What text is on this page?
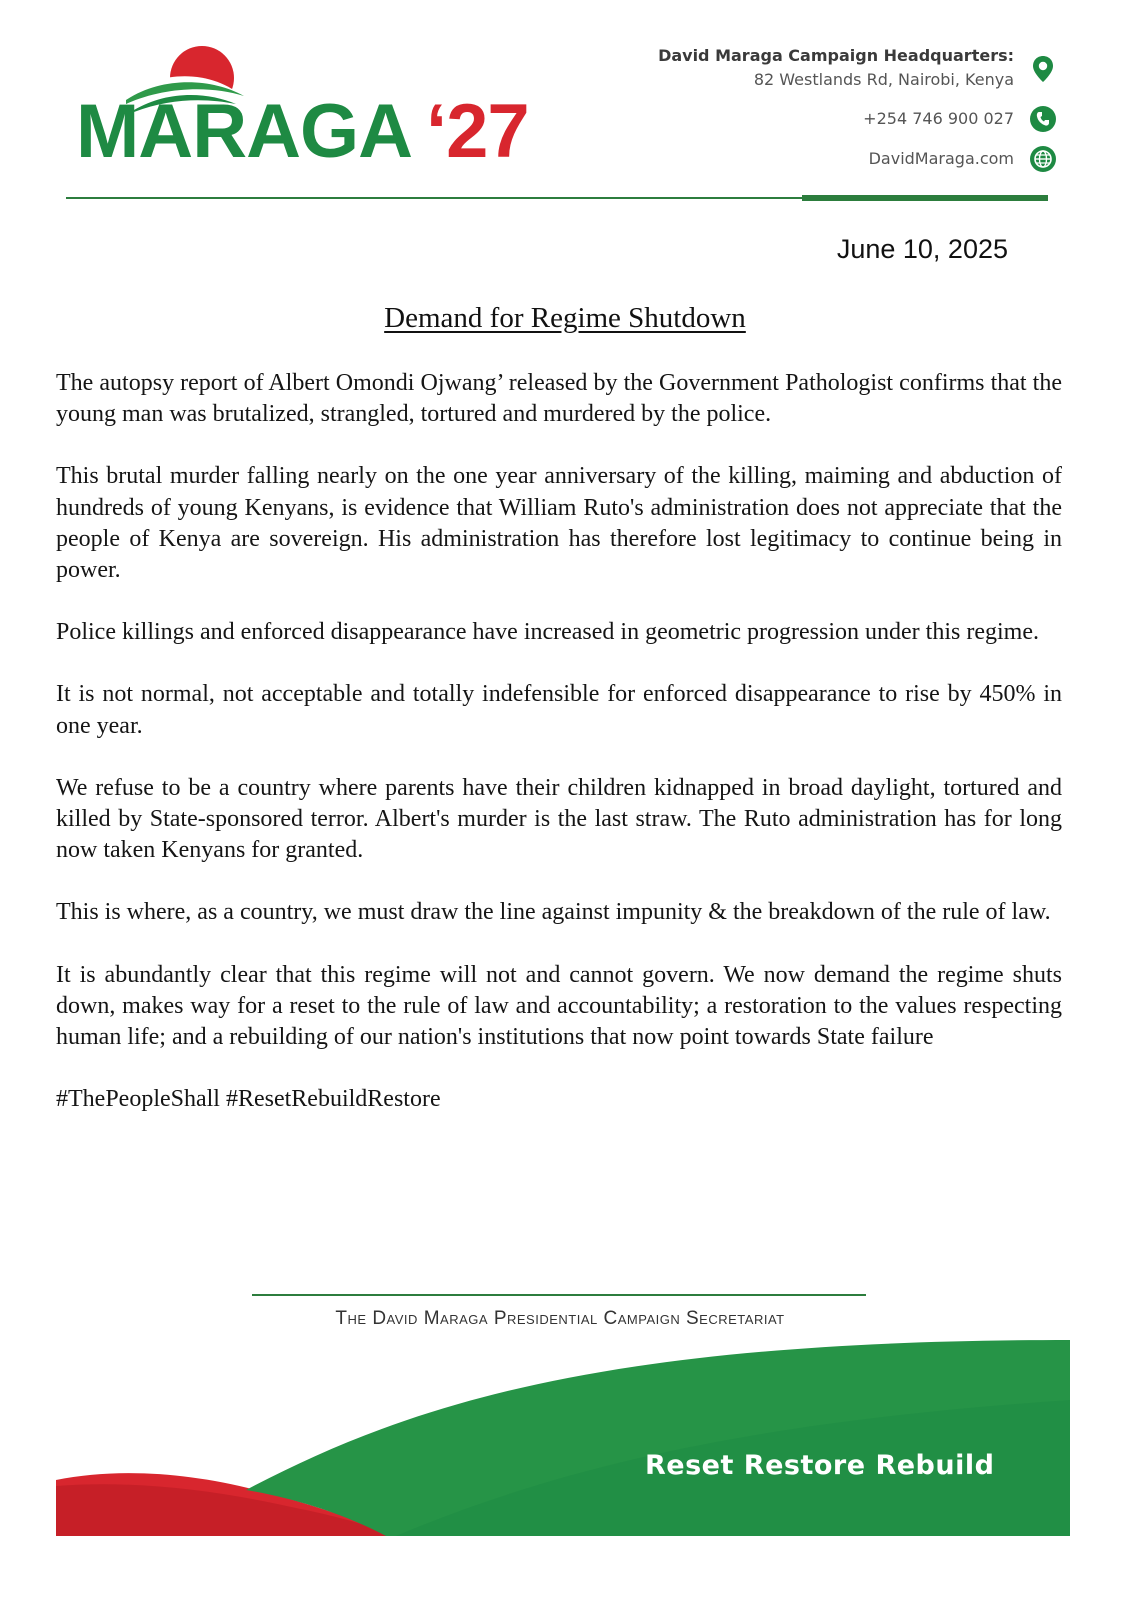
MARAGA ‘27
David Maraga Campaign Headquarters:
82 Westlands Rd, Nairobi, Kenya
+254 746 900 027
DavidMaraga.com
June 10, 2025
Demand for Regime Shutdown

The autopsy report of Albert Omondi Ojwang’ released by the Government Pathologist confirms that the young man was brutalized, strangled, tortured and murdered by the police.

This brutal murder falling nearly on the one year anniversary of the killing, maiming and abduction of hundreds of young Kenyans, is evidence that William Ruto's administration does not appreciate that the people of Kenya are sovereign. His administration has therefore lost legitimacy to continue being in power.

Police killings and enforced disappearance have increased in geometric progression under this regime.

It is not normal, not acceptable and totally indefensible for enforced disappearance to rise by 450% in one year.

We refuse to be a country where parents have their children kidnapped in broad daylight, tortured and killed by State-sponsored terror. Albert's murder is the last straw. The Ruto administration has for long now taken Kenyans for granted.

This is where, as a country, we must draw the line against impunity & the breakdown of the rule of law.

It is abundantly clear that this regime will not and cannot govern. We now demand the regime shuts down, makes way for a reset to the rule of law and accountability; a restoration to the values respecting human life; and a rebuilding of our nation's institutions that now point towards State failure

#ThePeopleShall #ResetRebuildRestore

The David Maraga Presidential Campaign Secretariat
Reset Restore Rebuild
